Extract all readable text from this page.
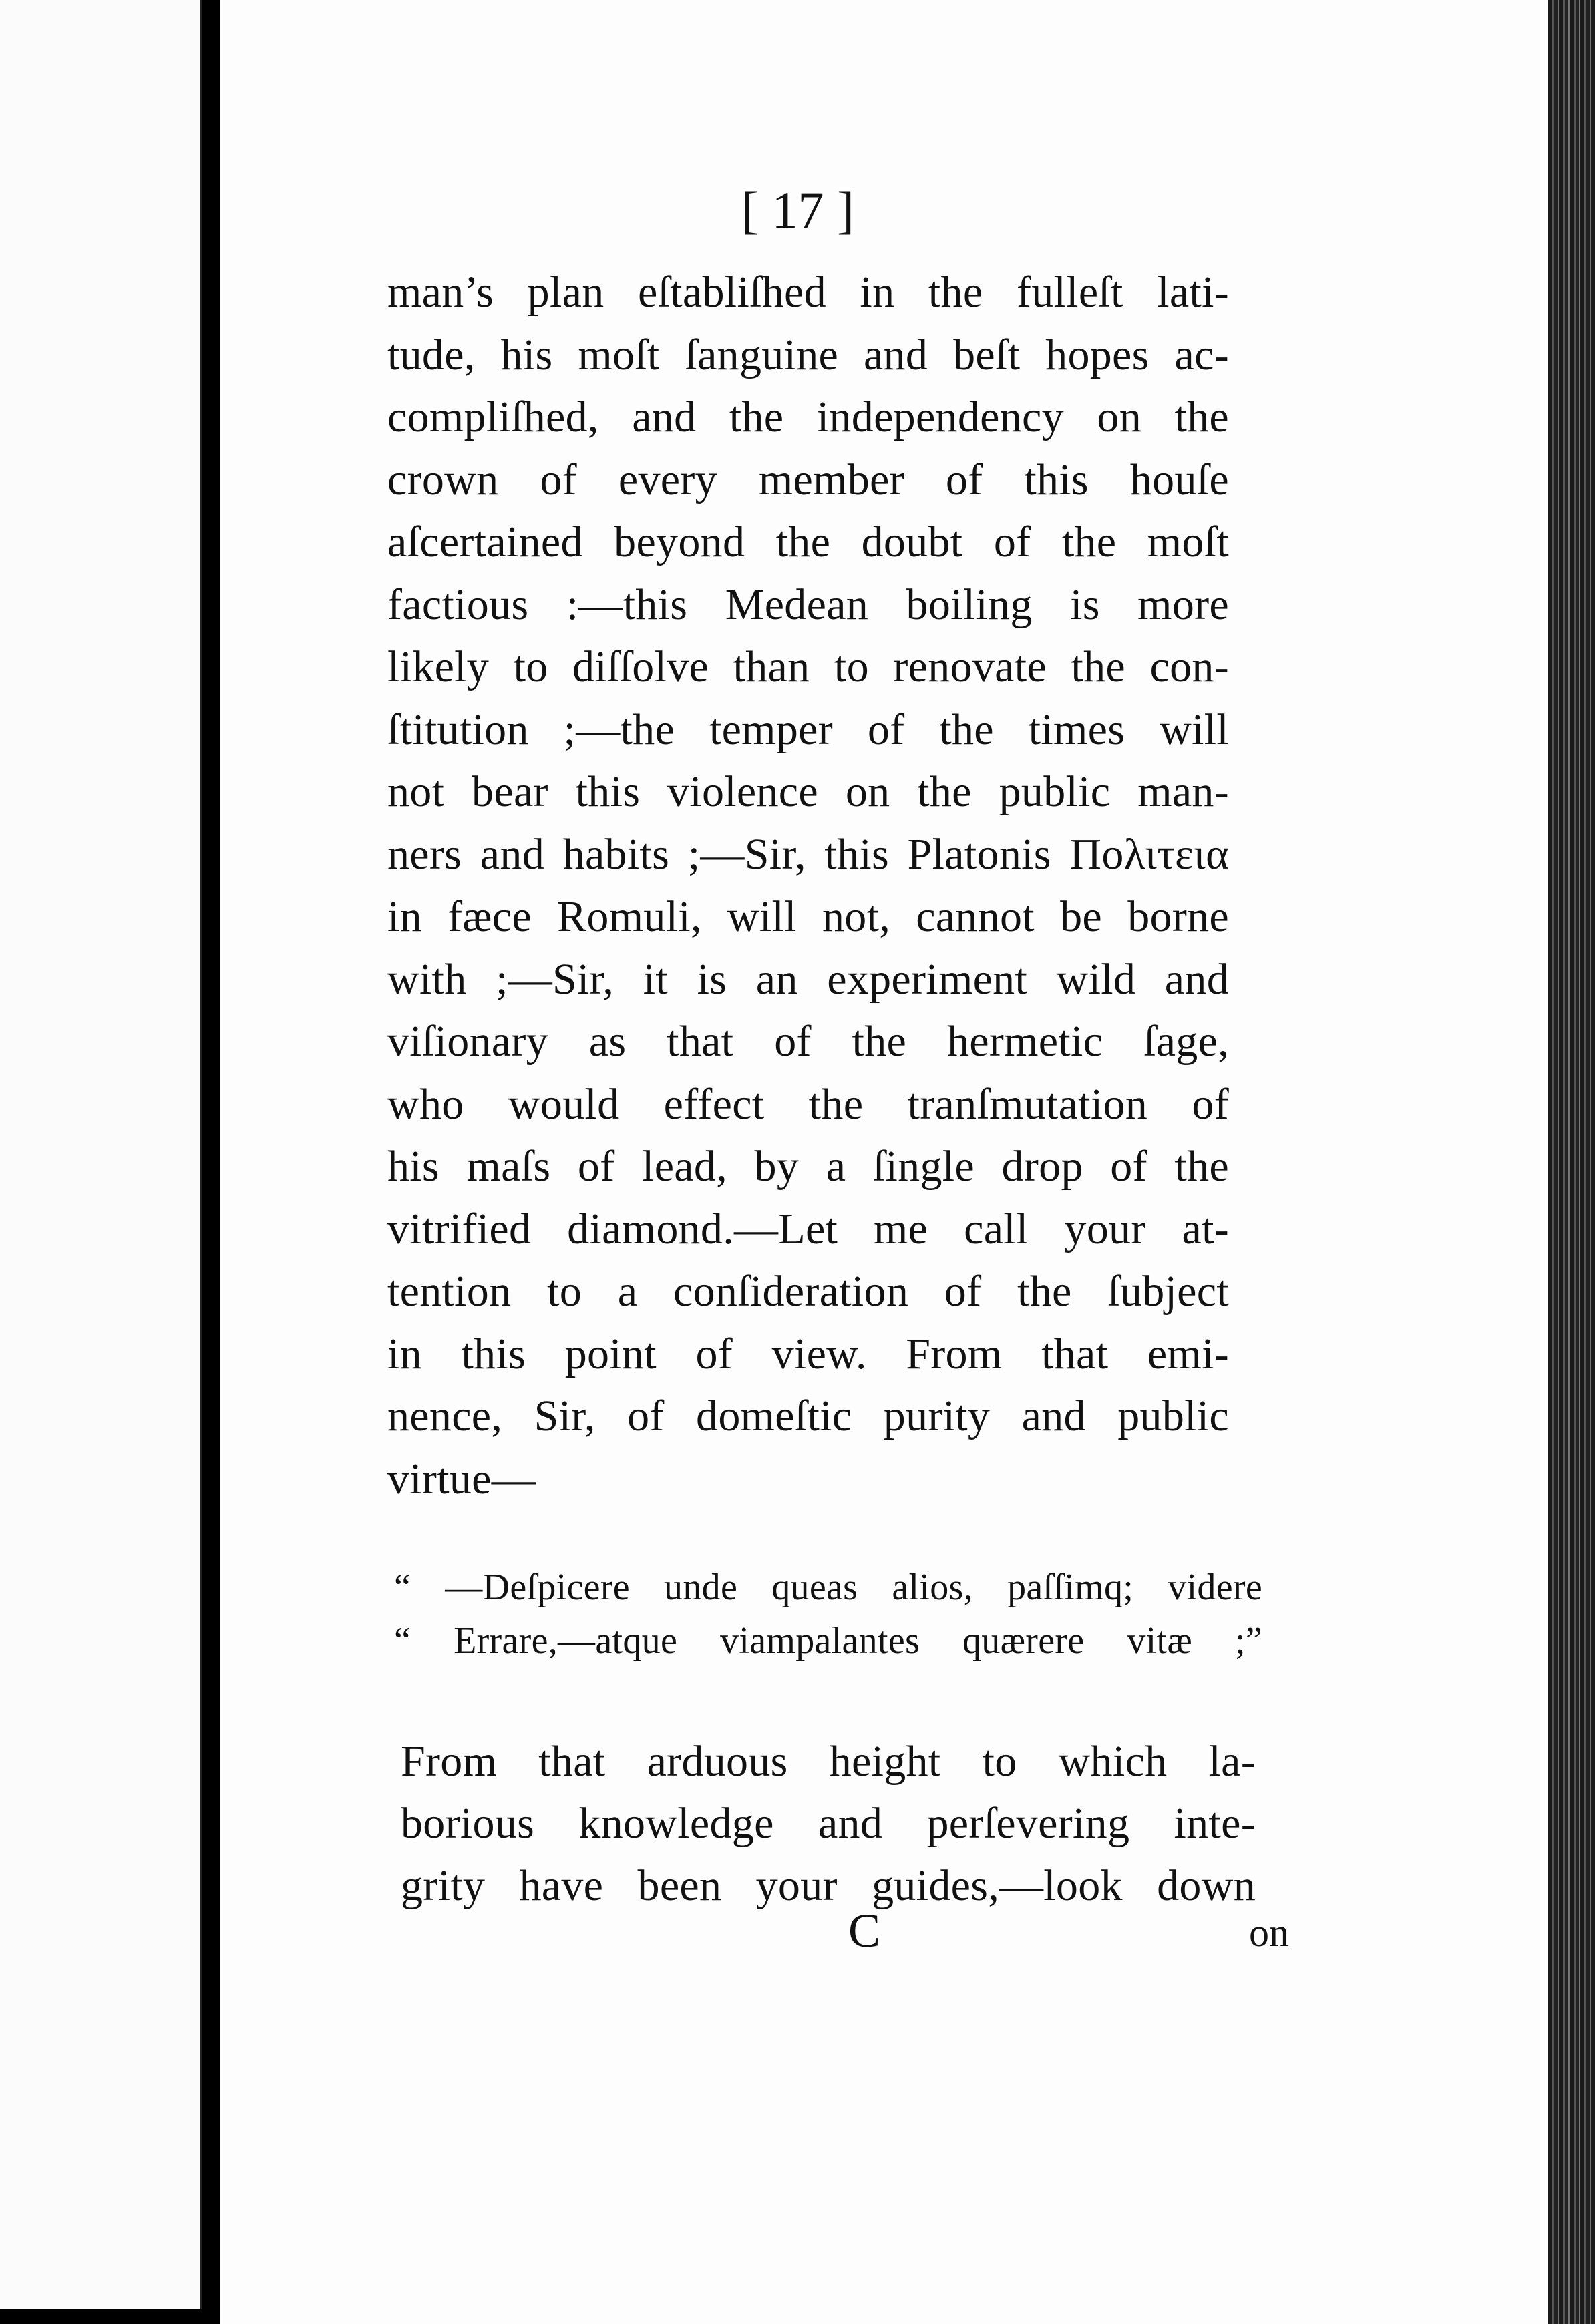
[ 17 ]
man’s plan eſtabliſhed in the fulleſt lati-
tude, his moſt ſanguine and beſt hopes ac-
compliſhed, and the independency on the
crown of every member of this houſe
aſcertained beyond the doubt of the moſt
factious :—this Medean boiling is more
likely to diſſolve than to renovate the con-
ſtitution ;—the temper of the times will
not bear this violence on the public man-
ners and habits ;—Sir, this Platonis Πολιτεια
in fæce Romuli, will not, cannot be borne
with ;—Sir, it is an experiment wild and
viſionary as that of the hermetic ſage,
who would effect the tranſmutation of
his maſs of lead, by a ſingle drop of the
vitrified diamond.—Let me call your at-
tention to a conſideration of the ſubject
in this point of view. From that emi-
nence, Sir, of domeſtic purity and public
virtue—
“ —Deſpicere unde queas alios, paſſimq; videre
“ Errare,—atque viampalantes quærere vitæ ;”
From that arduous height to which la-
borious knowledge and perſevering inte-
grity have been your guides,—look down
C	on
